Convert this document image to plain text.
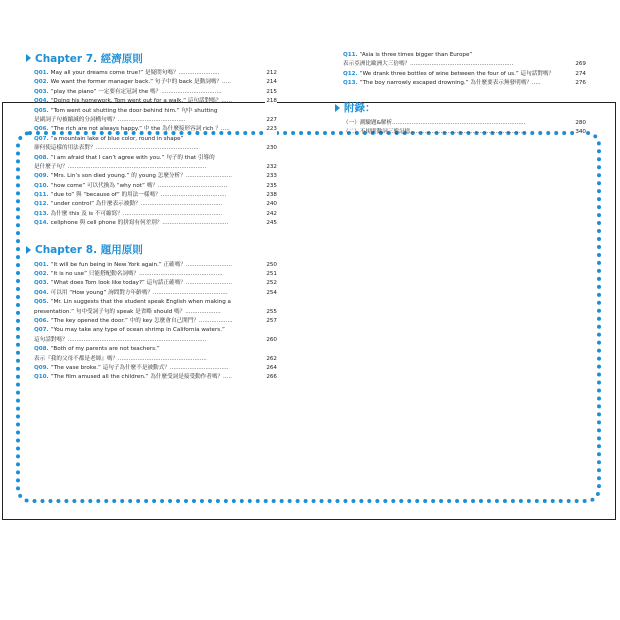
Chapter 7. 經濟原則
Q01. May all your dreams come true!” 是疑問句嗎？.......................	212
Q02. We want the former manager back.” 句子中的 back 是動詞嗎？.....	214
Q03. “play the piano” 一定要有定冠詞 the 嗎？..................................	215
Q04. “Doing his homework, Tom went out for a walk.” 這句話對嗎？......	218
Q05. “Tom went out shutting the door behind him.” 句中 shutting
是副詞子句被縮減的分詞構句嗎？......................................	227
Q06. “The rich are not always happy.” 中 the 為什麼接形容詞 rich ？.....	223
Q07. “a mountain lake of blue color, round in shape”
卻何使這樣的用法表對？..........................................................	230
Q08. “I am afraid that I can’t agree with you.” 句子的 that 引導的
是什麼子句？..............................................................................	232
Q09. “Mrs. Lin’s son died young.” 的 young 怎麼分析？..........................	233
Q10. “how come” 可以代換為 “why not” 嗎？.......................................	235
Q11. “due to” 與 “because of” 的用法一樣嗎？.....................................	238
Q12. “under control” 為什麼表示被動？..............................................	240
Q13. 為什麼 this 及 is 不可縮寫？........................................................	242
Q14. cellphone 與 cell phone 的拼寫有何差別？.....................................	245
Chapter 8. 題用原則
Q01. “It will be fun being in New York again.” 正確嗎？..........................	250
Q02. “It is no use” 只能搭配動名詞嗎？...............................................	251
Q03. “What does Tom look like today?” 這句話正確嗎？..........................	252
Q04. 可以用 “How young” 詢問對方年齡嗎？..........................................	254
Q05. “Mr. Lin suggests that the student speak English when making a
presentation.” 句中受詞子句的 speak 是省略 should 嗎？....................	255
Q06. “The key opened the door.” 中的 key 怎麼會自己開門？...................	257
Q07. “You may take any type of ocean shrimp in California waters.”
這句話對嗎？..............................................................................	260
Q08. “Both of my parents are not teachers.”
表示『我的父母不都是老師』嗎？..................................................	262
Q09. “The vase broke.” 這句子為什麼不是被動式？.................................	264
Q10. “The film amused all the children.” 為什麼受詞是接受動作者嗎？.....	266
Q11. “Asia is three times bigger than Europe”
表示亞洲比歐洲大三倍嗎？..........................................................	269
Q12. “We drank three bottles of wine between the four of us.” 這句話對嗎？	274
Q13. “The boy narrowly escaped drowning.” 為什麼要表示無發明嗎？.....	276
附錄：
（一）測驗題&解析...........................................................................	280
（二）不規則動詞三態記憶.................................................................	340
